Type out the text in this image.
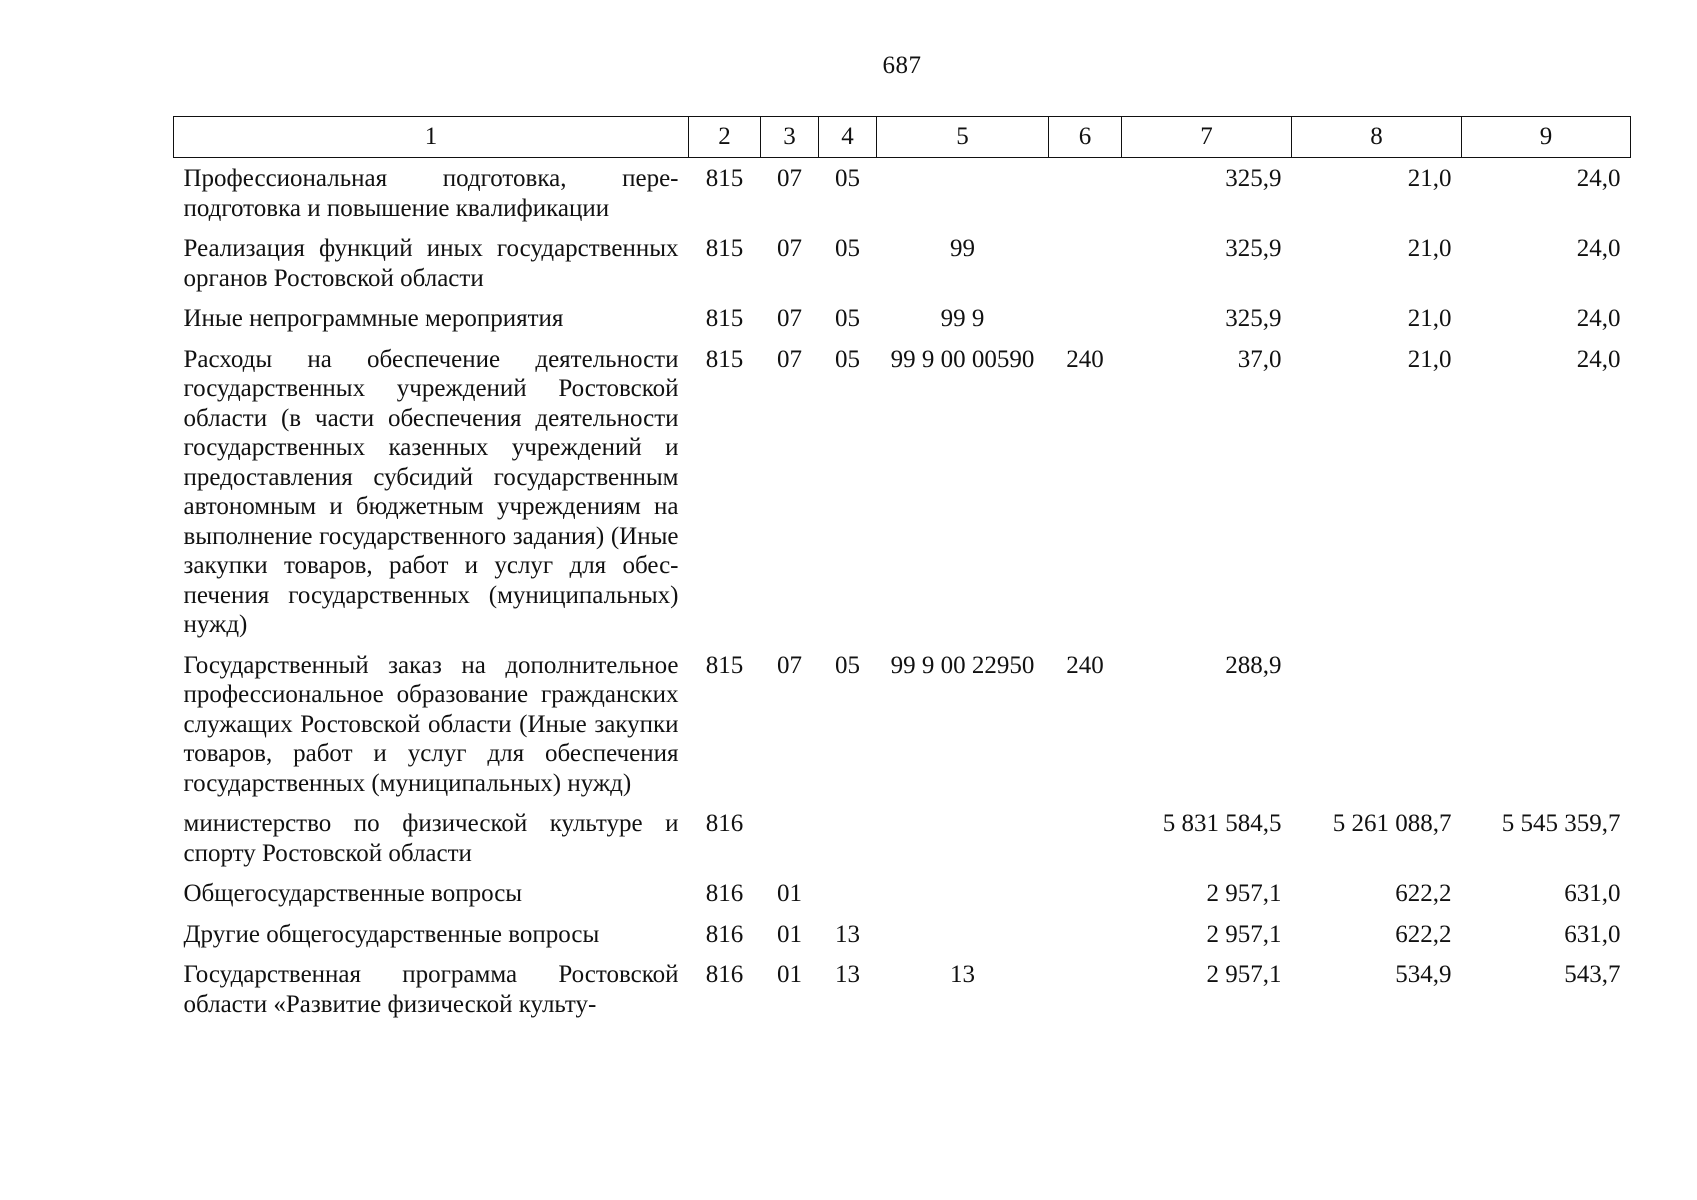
687
1	2	3	4	5	6	7	8	9
Профессиональная подготовка, переподготовка и повышение квалификации	815	07	05			325,9	21,0	24,0
Реализация функций иных государственных органов Ростовской области	815	07	05	99		325,9	21,0	24,0
Иные непрограммные мероприятия	815	07	05	99 9		325,9	21,0	24,0
Расходы на обеспечение деятельности государственных учреждений Ростовской области (в части обеспечения деятельности государственных казенных учреждений и предоставления субсидий государственным автономным и бюджетным учреждениям на выполнение государственного задания) (Иные закупки товаров, работ и услуг для обеспечения государственных (муниципальных) нужд)	815	07	05	99 9 00 00590	240	37,0	21,0	24,0
Государственный заказ на дополнительное профессиональное образование гражданских служащих Ростовской области (Иные закупки товаров, работ и услуг для обеспечения государственных (муниципальных) нужд)	815	07	05	99 9 00 22950	240	288,9		
министерство по физической культуре и спорту Ростовской области	816					5 831 584,5	5 261 088,7	5 545 359,7
Общегосударственные вопросы	816	01				2 957,1	622,2	631,0
Другие общегосударственные вопросы	816	01	13			2 957,1	622,2	631,0
Государственная программа Ростовской области «Развитие физической культу-	816	01	13	13		2 957,1	534,9	543,7
